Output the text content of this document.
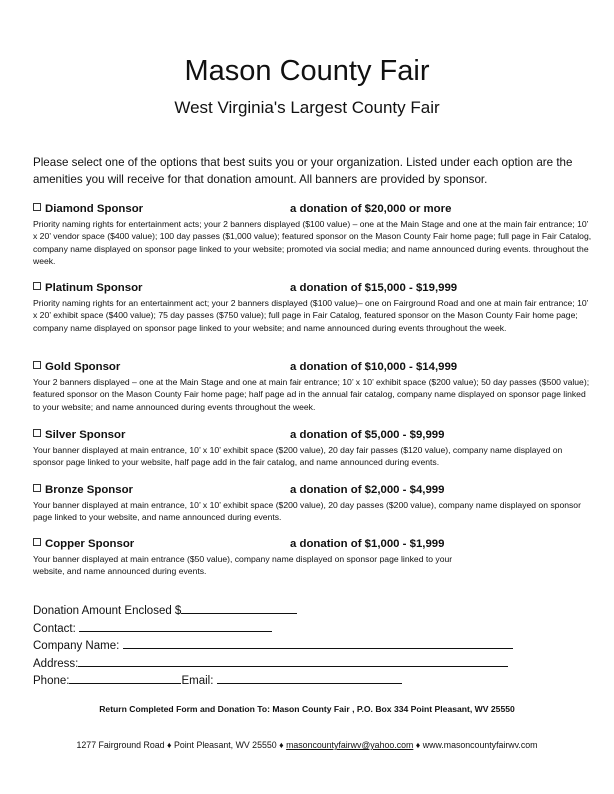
Mason County Fair
West Virginia's Largest County Fair
Please select one of the options that best suits you or your organization. Listed under each option are the amenities you will receive for that donation amount. All banners are provided by sponsor.
Diamond Sponsor	a donation of $20,000 or more
Priority naming rights for entertainment acts; your 2 banners displayed ($100 value) – one at the Main Stage and one at the main fair entrance; 10’ x 20’ vendor space ($400 value); 100 day passes ($1,000 value); featured sponsor on the Mason County Fair home page; full page in Fair Catalog, company name displayed on sponsor page linked to your website; promoted via social media; and name announced during events. throughout the week.
Platinum Sponsor	a donation of $15,000 - $19,999
Priority naming rights for an entertainment act; your 2 banners displayed ($100 value)– one on Fairground Road and one at main fair entrance; 10’ x 20’ exhibit space ($400 value); 75 day passes ($750 value); full page in Fair Catalog, featured sponsor on the Mason County Fair home page; company name displayed on sponsor page linked to your website; and name announced during events throughout the week.
Gold Sponsor	a donation of $10,000 - $14,999
Your 2 banners displayed – one at the Main Stage and one at main fair entrance; 10’ x 10’ exhibit space ($200 value); 50 day passes ($500 value); featured sponsor on the Mason County Fair home page; half page ad in the annual fair catalog, company name displayed on sponsor page linked to your website; and name announced during events throughout the week.
Silver Sponsor	a donation of $5,000 - $9,999
Your banner displayed at main entrance, 10’ x 10’ exhibit space ($200 value), 20 day fair passes ($120 value), company name displayed on sponsor page linked to your website, half page add in the fair catalog, and name announced during events.
Bronze Sponsor	a donation of $2,000 - $4,999
Your banner displayed at main entrance, 10’ x 10’ exhibit space ($200 value), 20 day passes ($200 value), company name displayed on sponsor page linked to your website, and name announced during events.
Copper Sponsor	a donation of $1,000 - $1,999
Your banner displayed at main entrance ($50 value), company name displayed on sponsor page linked to your website, and name announced during events.
Donation Amount Enclosed $
Contact:
Company Name:
Address:
Phone:	Email:
Return Completed Form and Donation To: Mason County Fair , P.O. Box 334 Point Pleasant, WV 25550
1277 Fairground Road ♦ Point Pleasant, WV 25550 ♦ masoncountyfairwv@yahoo.com ♦ www.masoncountyfairwv.com
